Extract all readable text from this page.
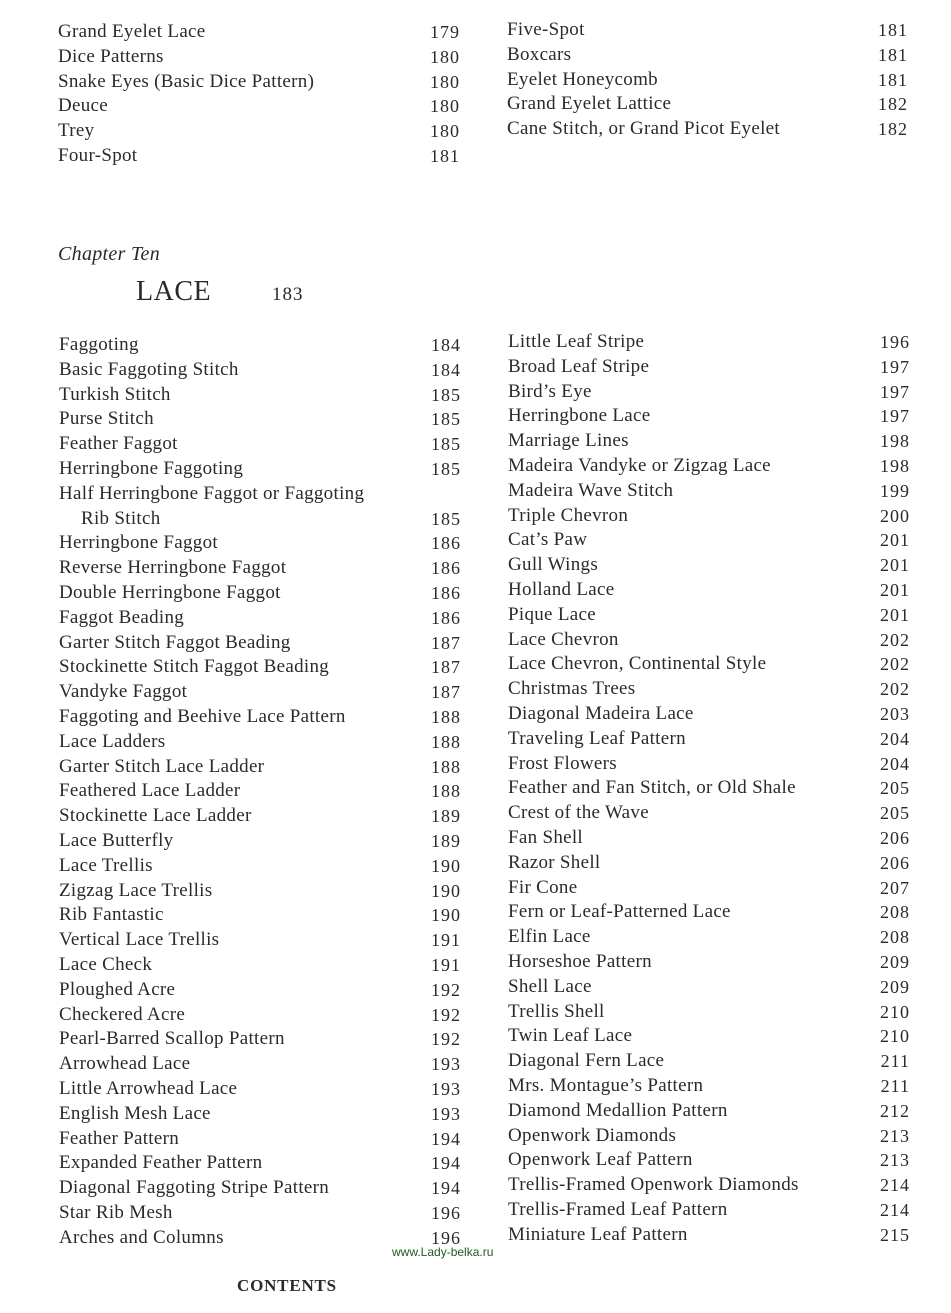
Grand Eyelet Lace	179
Dice Patterns	180
Snake Eyes (Basic Dice Pattern)	180
Deuce	180
Trey	180
Four-Spot	181
Five-Spot	181
Boxcars	181
Eyelet Honeycomb	181
Grand Eyelet Lattice	182
Cane Stitch, or Grand Picot Eyelet	182
Chapter Ten
LACE	183
Faggoting	184
Basic Faggoting Stitch	184
Turkish Stitch	185
Purse Stitch	185
Feather Faggot	185
Herringbone Faggoting	185
Half Herringbone Faggot or Faggoting
Rib Stitch	185
Herringbone Faggot	186
Reverse Herringbone Faggot	186
Double Herringbone Faggot	186
Faggot Beading	186
Garter Stitch Faggot Beading	187
Stockinette Stitch Faggot Beading	187
Vandyke Faggot	187
Faggoting and Beehive Lace Pattern	188
Lace Ladders	188
Garter Stitch Lace Ladder	188
Feathered Lace Ladder	188
Stockinette Lace Ladder	189
Lace Butterfly	189
Lace Trellis	190
Zigzag Lace Trellis	190
Rib Fantastic	190
Vertical Lace Trellis	191
Lace Check	191
Ploughed Acre	192
Checkered Acre	192
Pearl-Barred Scallop Pattern	192
Arrowhead Lace	193
Little Arrowhead Lace	193
English Mesh Lace	193
Feather Pattern	194
Expanded Feather Pattern	194
Diagonal Faggoting Stripe Pattern	194
Star Rib Mesh	196
Arches and Columns	196
Little Leaf Stripe	196
Broad Leaf Stripe	197
Bird’s Eye	197
Herringbone Lace	197
Marriage Lines	198
Madeira Vandyke or Zigzag Lace	198
Madeira Wave Stitch	199
Triple Chevron	200
Cat’s Paw	201
Gull Wings	201
Holland Lace	201
Pique Lace	201
Lace Chevron	202
Lace Chevron, Continental Style	202
Christmas Trees	202
Diagonal Madeira Lace	203
Traveling Leaf Pattern	204
Frost Flowers	204
Feather and Fan Stitch, or Old Shale	205
Crest of the Wave	205
Fan Shell	206
Razor Shell	206
Fir Cone	207
Fern or Leaf-Patterned Lace	208
Elfin Lace	208
Horseshoe Pattern	209
Shell Lace	209
Trellis Shell	210
Twin Leaf Lace	210
Diagonal Fern Lace	211
Mrs. Montague’s Pattern	211
Diamond Medallion Pattern	212
Openwork Diamonds	213
Openwork Leaf Pattern	213
Trellis-Framed Openwork Diamonds	214
Trellis-Framed Leaf Pattern	214
Miniature Leaf Pattern	215
www.Lady-belka.ru
CONTENTS
